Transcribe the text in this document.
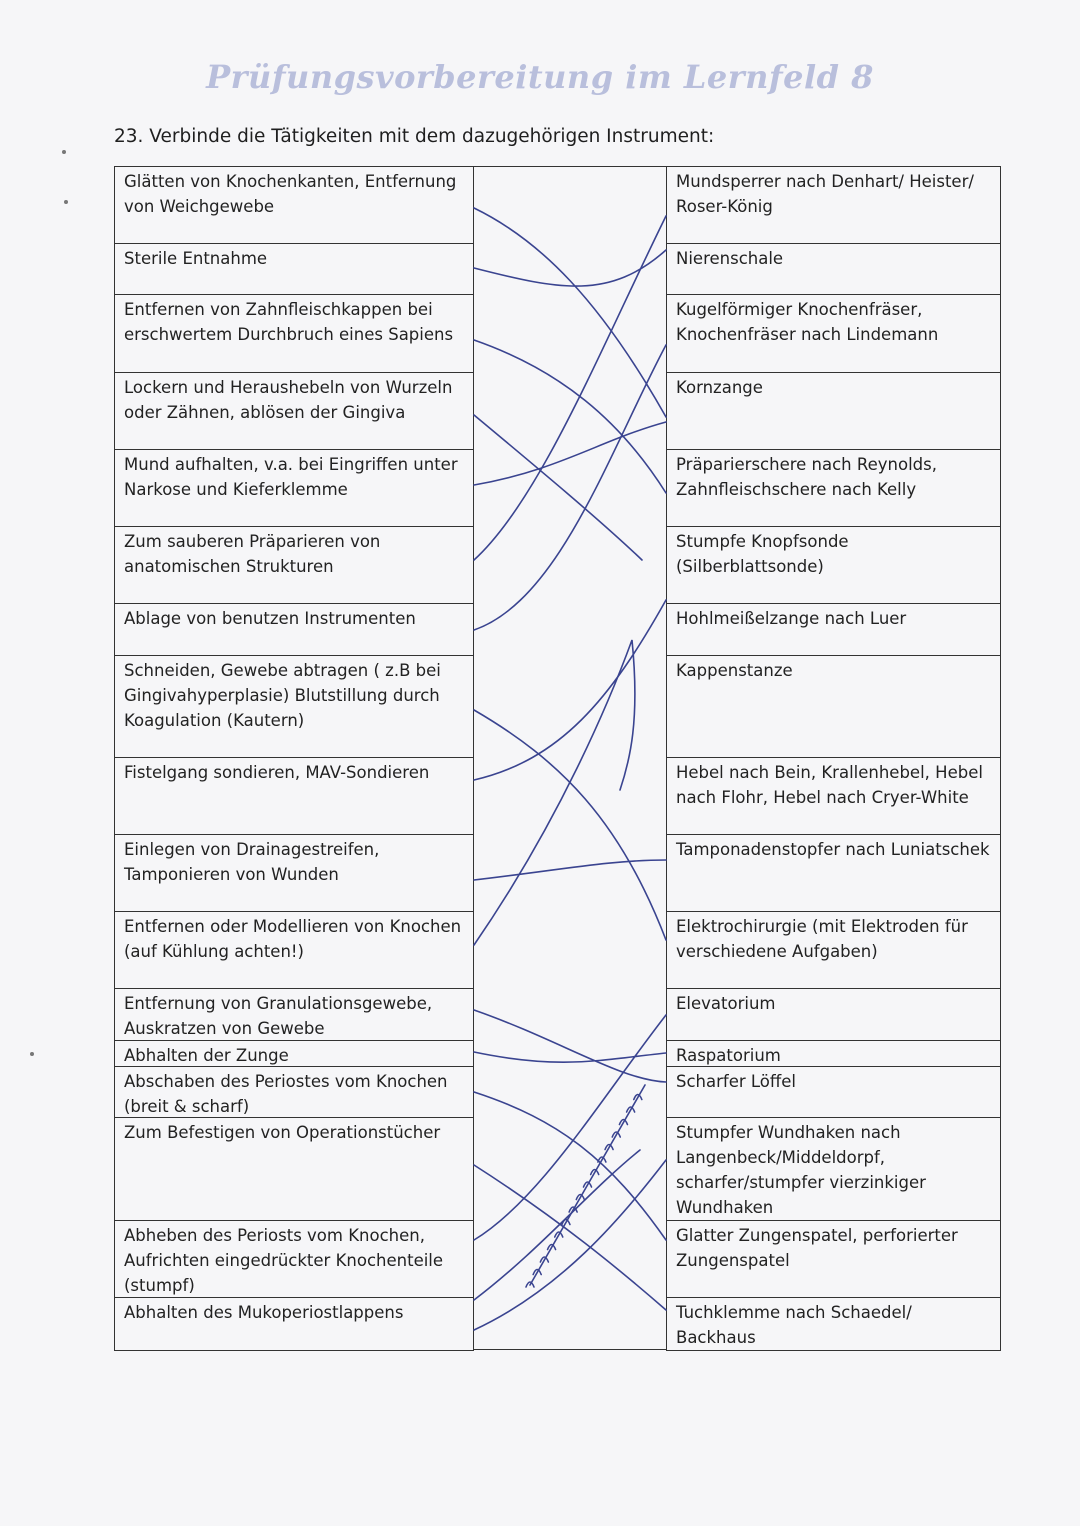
Prüfungsvorbereitung im Lernfeld 8
23. Verbinde die Tätigkeiten mit dem dazugehörigen Instrument:
Glätten von Knochenkanten, Entfernung von Weichgewebe
Sterile Entnahme
Entfernen von Zahnfleischkappen bei erschwertem Durchbruch eines Sapiens
Lockern und Heraushebeln von Wurzeln oder Zähnen, ablösen der Gingiva
Mund aufhalten, v.a. bei Eingriffen unter Narkose und Kieferklemme
Zum sauberen Präparieren von anatomischen Strukturen
Ablage von benutzen Instrumenten
Schneiden, Gewebe abtragen ( z.B bei Gingivahyperplasie) Blutstillung durch Koagulation (Kautern)
Fistelgang sondieren, MAV-Sondieren
Einlegen von Drainagestreifen, Tamponieren von Wunden
Entfernen oder Modellieren von Knochen (auf Kühlung achten!)
Entfernung von Granulationsgewebe, Auskratzen von Gewebe
Abhalten der Zunge
Abschaben des Periostes vom Knochen (breit & scharf)
Zum Befestigen von Operationstücher
Abheben des Periosts vom Knochen, Aufrichten eingedrückter Knochenteile (stumpf)
Abhalten des Mukoperiostlappens
Mundsperrer nach Denhart/ Heister/ Roser-König
Nierenschale
Kugelförmiger Knochenfräser, Knochenfräser nach Lindemann
Kornzange
Präparierschere nach Reynolds, Zahnfleischschere nach Kelly
Stumpfe Knopfsonde (Silberblattsonde)
Hohlmeißelzange nach Luer
Kappenstanze
Hebel nach Bein, Krallenhebel, Hebel nach Flohr, Hebel nach Cryer-White
Tamponadenstopfer nach Luniatschek
Elektrochirurgie (mit Elektroden für verschiedene Aufgaben)
Elevatorium
Raspatorium
Scharfer Löffel
Stumpfer Wundhaken nach Langenbeck/Middeldorpf, scharfer/stumpfer vierzinkiger Wundhaken
Glatter Zungenspatel, perforierter Zungenspatel
Tuchklemme nach Schaedel/ Backhaus
